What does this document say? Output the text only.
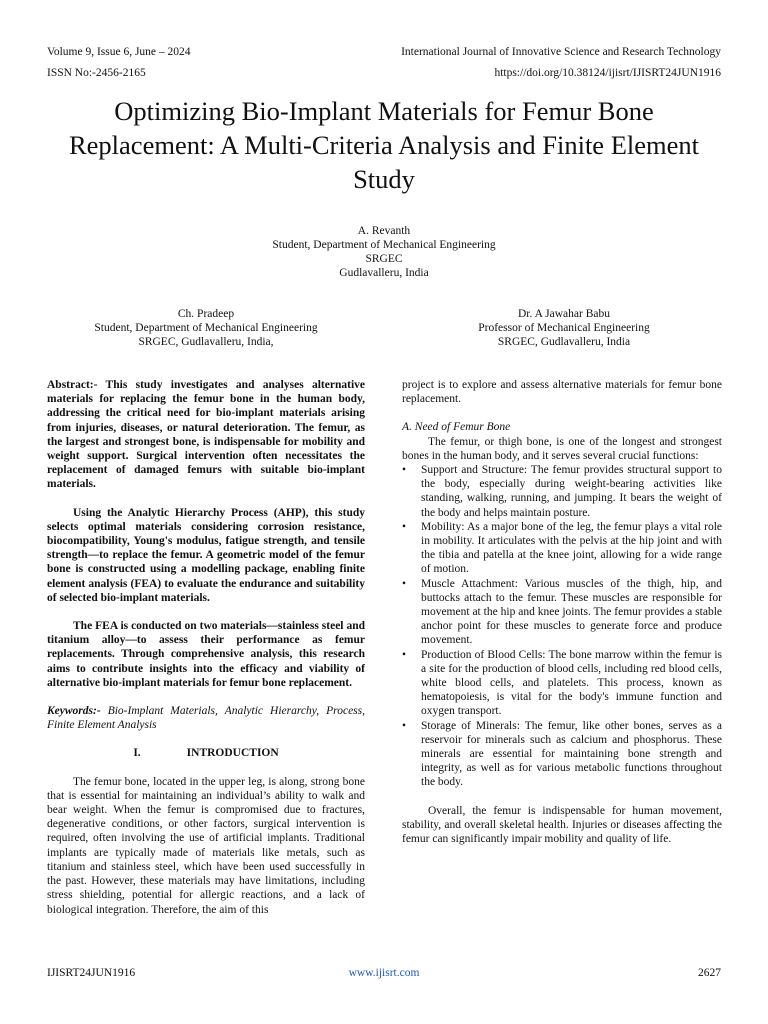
Volume 9, Issue 6, June – 2024	International Journal of Innovative Science and Research Technology
ISSN No:-2456-2165	https://doi.org/10.38124/ijisrt/IJISRT24JUN1916
Optimizing Bio-Implant Materials for Femur Bone Replacement: A Multi-Criteria Analysis and Finite Element Study
A. Revanth
Student, Department of Mechanical Engineering
SRGEC
Gudlavalleru, India
Ch. Pradeep
Student, Department of Mechanical Engineering
SRGEC, Gudlavalleru, India,
Dr. A Jawahar Babu
Professor of Mechanical Engineering
SRGEC, Gudlavalleru, India

Abstract:- This study investigates and analyses alternative materials for replacing the femur bone in the human body, addressing the critical need for bio-implant materials arising from injuries, diseases, or natural deterioration. The femur, as the largest and strongest bone, is indispensable for mobility and weight support. Surgical intervention often necessitates the replacement of damaged femurs with suitable bio-implant materials.

Using the Analytic Hierarchy Process (AHP), this study selects optimal materials considering corrosion resistance, biocompatibility, Young's modulus, fatigue strength, and tensile strength—to replace the femur. A geometric model of the femur bone is constructed using a modelling package, enabling finite element analysis (FEA) to evaluate the endurance and suitability of selected bio-implant materials.

The FEA is conducted on two materials—stainless steel and titanium alloy—to assess their performance as femur replacements. Through comprehensive analysis, this research aims to contribute insights into the efficacy and viability of alternative bio-implant materials for femur bone replacement.

Keywords:- Bio-Implant Materials, Analytic Hierarchy, Process, Finite Element Analysis

I.	INTRODUCTION

The femur bone, located in the upper leg, is along, strong bone that is essential for maintaining an individual’s ability to walk and bear weight. When the femur is compromised due to fractures, degenerative conditions, or other factors, surgical intervention is required, often involving the use of artificial implants. Traditional implants are typically made of materials like metals, such as titanium and stainless steel, which have been used successfully in the past. However, these materials may have limitations, including stress shielding, potential for allergic reactions, and a lack of biological integration. Therefore, the aim of this

project is to explore and assess alternative materials for femur bone replacement.

A. Need of Femur Bone

The femur, or thigh bone, is one of the longest and strongest bones in the human body, and it serves several crucial functions:

• Support and Structure: The femur provides structural support to the body, especially during weight-bearing activities like standing, walking, running, and jumping. It bears the weight of the body and helps maintain posture.
• Mobility: As a major bone of the leg, the femur plays a vital role in mobility. It articulates with the pelvis at the hip joint and with the tibia and patella at the knee joint, allowing for a wide range of motion.
• Muscle Attachment: Various muscles of the thigh, hip, and buttocks attach to the femur. These muscles are responsible for movement at the hip and knee joints. The femur provides a stable anchor point for these muscles to generate force and produce movement.
• Production of Blood Cells: The bone marrow within the femur is a site for the production of blood cells, including red blood cells, white blood cells, and platelets. This process, known as hematopoiesis, is vital for the body's immune function and oxygen transport.
• Storage of Minerals: The femur, like other bones, serves as a reservoir for minerals such as calcium and phosphorus. These minerals are essential for maintaining bone strength and integrity, as well as for various metabolic functions throughout the body.

Overall, the femur is indispensable for human movement, stability, and overall skeletal health. Injuries or diseases affecting the femur can significantly impair mobility and quality of life.

IJISRT24JUN1916	www.ijisrt.com	2627
